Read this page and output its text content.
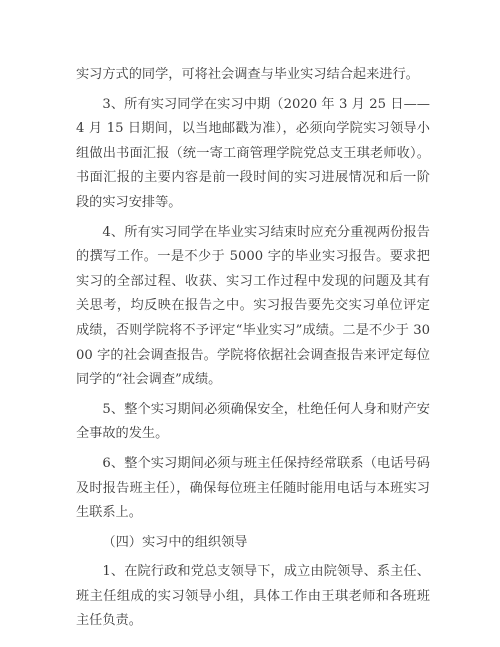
实习方式的同学，可将社会调查与毕业实习结合起来进行。

3、所有实习同学在实习中期（2020 年 3 月 25 日——4 月 15 日期间，以当地邮戳为准），必须向学院实习领导小组做出书面汇报（统一寄工商管理学院党总支王琪老师收）。书面汇报的主要内容是前一段时间的实习进展情况和后一阶段的实习安排等。

4、所有实习同学在毕业实习结束时应充分重视两份报告的撰写工作。一是不少于 5000 字的毕业实习报告。要求把实习的全部过程、收获、实习工作过程中发现的问题及其有关思考，均反映在报告之中。实习报告要先交实习单位评定成绩，否则学院将不予评定“毕业实习”成绩。二是不少于 3000 字的社会调查报告。学院将依据社会调查报告来评定每位同学的“社会调查”成绩。

5、整个实习期间必须确保安全，杜绝任何人身和财产安全事故的发生。

6、整个实习期间必须与班主任保持经常联系（电话号码及时报告班主任），确保每位班主任随时能用电话与本班实习生联系上。

（四）实习中的组织领导

1、在院行政和党总支领导下，成立由院领导、系主任、班主任组成的实习领导小组，具体工作由王琪老师和各班班主任负责。
